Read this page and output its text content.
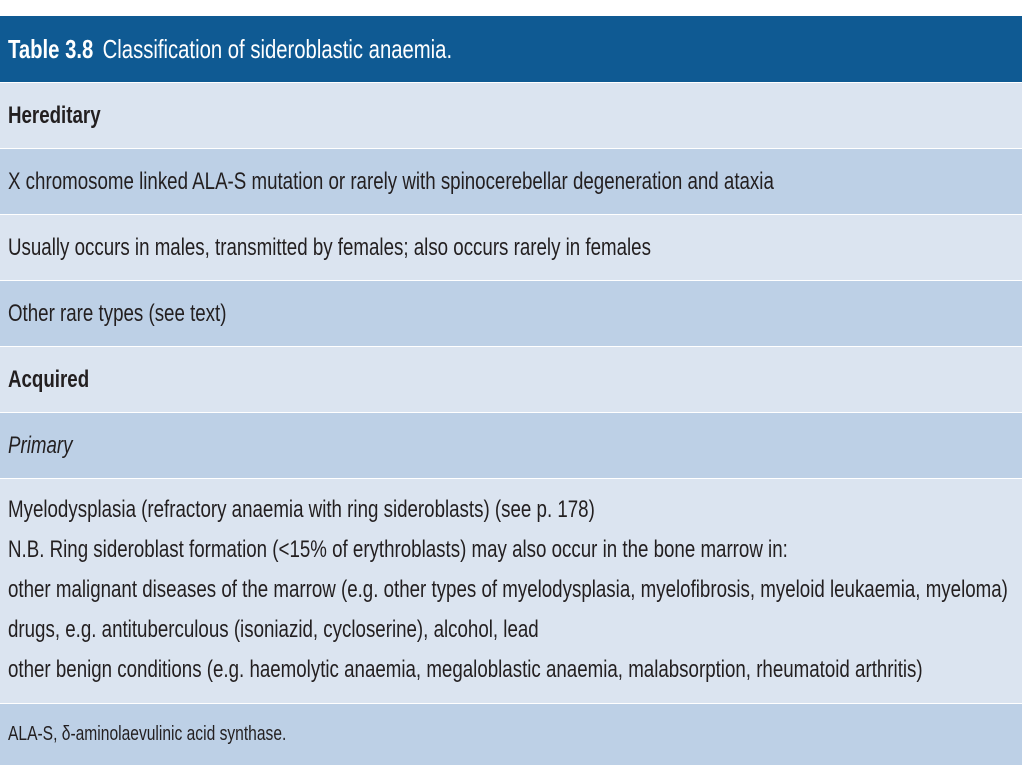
Table 3.8 Classification of sideroblastic anaemia.
Hereditary
X chromosome linked ALA-S mutation or rarely with spinocerebellar degeneration and ataxia
Usually occurs in males, transmitted by females; also occurs rarely in females
Other rare types (see text)
Acquired
Primary
Myelodysplasia (refractory anaemia with ring sideroblasts) (see p. 178)
N.B. Ring sideroblast formation (<15% of erythroblasts) may also occur in the bone marrow in:
other malignant diseases of the marrow (e.g. other types of myelodysplasia, myelofibrosis, myeloid leukaemia, myeloma)
drugs, e.g. antituberculous (isoniazid, cycloserine), alcohol, lead
other benign conditions (e.g. haemolytic anaemia, megaloblastic anaemia, malabsorption, rheumatoid arthritis)
ALA-S, δ-aminolaevulinic acid synthase.
